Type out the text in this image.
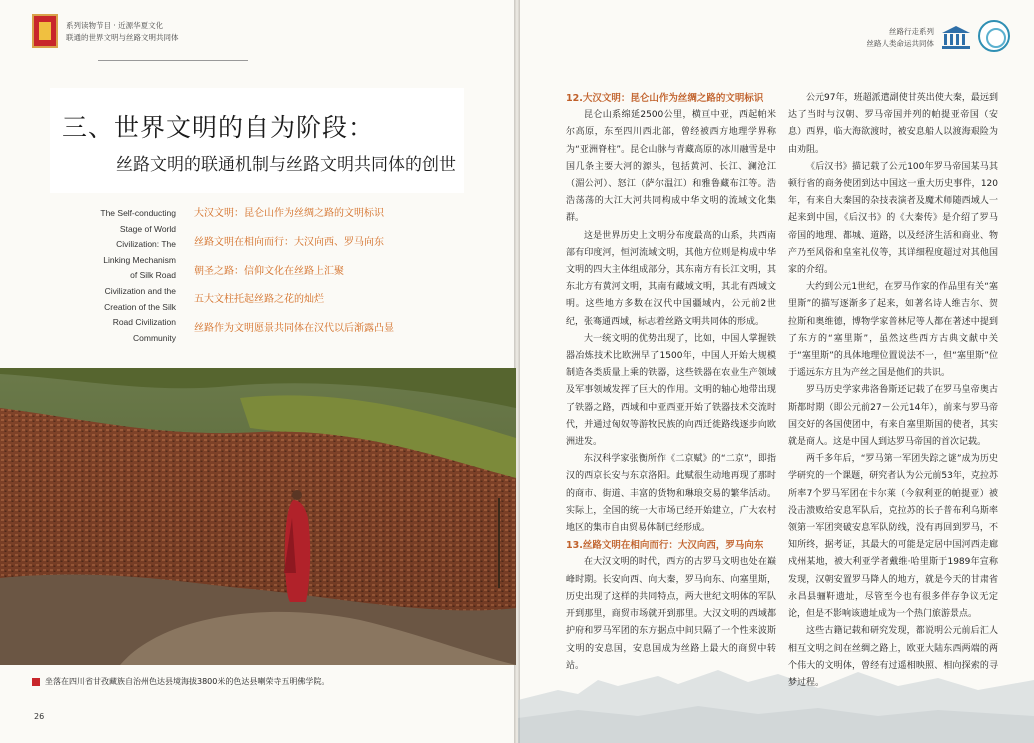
系列读物节目 · 近源华夏文化
联通的世界文明与丝路文明共同体
丝路行走系列
丝路人类命运共同体
三、世界文明的自为阶段：
丝路文明的联通机制与丝路文明共同体的创世
The Self-conducting
Stage of World
Civilization: The
Linking Mechanism
of Silk Road
Civilization and the
Creation of the Silk
Road Civilization
Community
大汉文明：昆仑山作为丝绸之路的文明标识
丝路文明在相向而行：大汉向西、罗马向东
朝圣之路：信仰文化在丝路上汇聚
五大文柱托起丝路之花的灿烂
丝路作为文明愿景共同体在汉代以后渐露凸显
坐落在四川省甘孜藏族自治州色达县境海拔3800米的色达县喇荣寺五明佛学院。
26
12.大汉文明：昆仑山作为丝绸之路的文明标识

昆仑山系绵延2500公里，横亘中亚，西起帕米尔高原，东至四川西北部，曾经被西方地理学界称为“亚洲脊柱”。昆仑山脉与青藏高原的冰川融雪是中国几条主要大河的源头，包括黄河、长江、澜沧江（湄公河）、怒江（萨尔温江）和雅鲁藏布江等。浩浩荡荡的大江大河共同构成中华文明的流域文化集群。

这是世界历史上文明分布度最高的山系，共西南部有印度河，恒河流域文明，其他方位则是构成中华文明的四大主体组成部分，其东南方有长江文明，其东北方有黄河文明，其南有藏域文明，其北有西域文明。这些地方多数在汉代中国疆域内，公元前2世纪，张骞通西域，标志着丝路文明共同体的形成。

大一统文明的优势出现了，比如，中国人掌握铁器冶炼技术比欧洲早了1500年，中国人开始大规模制造各类质量上乘的铁器，这些铁器在农业生产领域及军事领域发挥了巨大的作用。文明的轴心地带出现了铁器之路，西域和中亚西亚开始了铁器技术交流时代，并通过匈奴等游牧民族的向西迁徙路线逐步向欧洲进发。

东汉科学家张衡所作《二京赋》的“二京”，即指汉的西京长安与东京洛阳。此赋很生动地再现了那时的商市、街道、丰富的货物和琳琅交易的繁华活动。实际上，全国的统一大市场已经开始建立，广大农村地区的集市自由贸易体制已经形成。

13.丝路文明在相向而行：大汉向西，罗马向东

在大汉文明的时代，西方的古罗马文明也处在巅峰时期。长安向西、向大秦，罗马向东、向塞里斯，历史出现了这样的共同特点，两大世纪文明体的军队开到那里，商贸市场就开到那里。大汉文明的西域都护府和罗马军团的东方据点中间只隔了一个性来波斯文明的安息国，安息国成为丝路上最大的商贸中转站。

公元97年，班超派遣副使甘英出使大秦，最远到达了当时与汉朝、罗马帝国并列的帕提亚帝国（安息）西界，临大海欲渡时，被安息船人以渡海艰险为由劝阻。

《后汉书》描记载了公元100年罗马帝国某马其顿行省的商务使团到达中国这一重大历史事件，120年，有来自大秦国的杂技表演者及魔术师随西域人一起来到中国，《后汉书》的《大秦传》是介绍了罗马帝国的地理、都城、道路，以及经济生活和商业、物产乃至风俗和皇室礼仪等，其详细程度超过对其他国家的介绍。

大约到公元1世纪，在罗马作家的作品里有关“塞里斯”的描写逐渐多了起来，如著名诗人维吉尔、贺拉斯和奥维德，博物学家普林尼等人都在著述中提到了东方的“塞里斯”，虽然这些西方古典文献中关于“塞里斯”的具体地理位置说法不一，但“塞里斯”位于遥远东方且为产丝之国是他们的共识。

罗马历史学家弗洛鲁斯还记载了在罗马皇帝奥古斯都时期（即公元前27－公元14年），前来与罗马帝国交好的各国使团中，有来自塞里斯国的使者，其实就是商人。这是中国人到达罗马帝国的首次记载。

两千多年后，“罗马第一军团失踪之谜”成为历史学研究的一个课题，研究者认为公元前53年，克拉苏所率7个罗马军团在卡尔莱（今叙利亚的帕提亚）被没击溃败给安息军队后，克拉苏的长子普布利乌斯率领第一军团突破安息军队防线，没有再回到罗马，不知所终，据考证，其最大的可能是定居中国河西走廊戍州某地，被大利亚学者戴维·哈里斯于1989年宣称发现，汉朝安置罗马降人的地方，就是今天的甘肃省永昌县骊靬遗址，尽管至今也有很多伴存争议无定论，但是不影响该遗址成为一个热门旅游景点。

这些古籍记载和研究发现，都说明公元前后汇人相互文明之间在丝绸之路上，欧亚大陆东西两端的两个伟大的文明体，曾经有过遥相映照、相向探索的寻梦过程。
